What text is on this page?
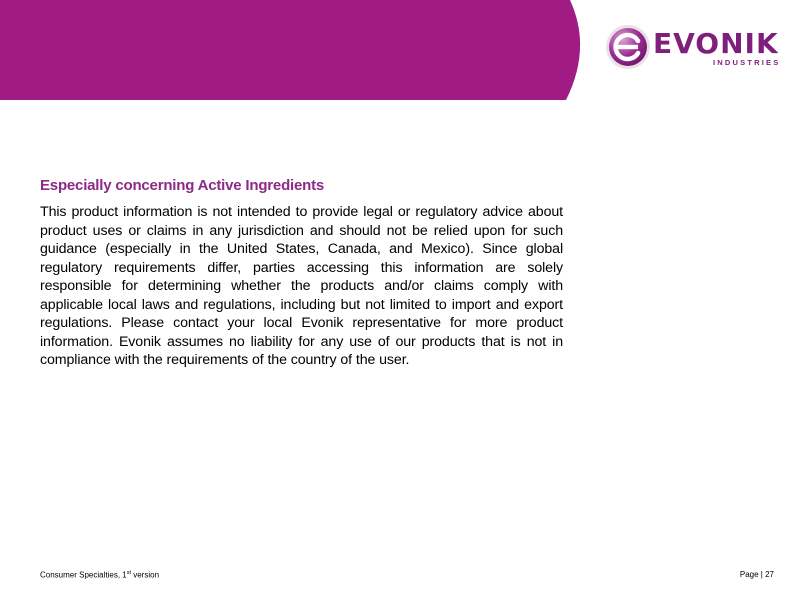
EVONIK
INDUSTRIES
Especially concerning Active Ingredients

This product information is not intended to provide legal or regulatory advice about product uses or claims in any jurisdiction and should not be relied upon for such guidance (especially in the United States, Canada, and Mexico). Since global regulatory requirements differ, parties accessing this information are solely responsible for determining whether the products and/or claims comply with applicable local laws and regulations, including but not limited to import and export regulations. Please contact your local Evonik representative for more product information. Evonik assumes no liability for any use of our products that is not in compliance with the requirements of the country of the user.

Consumer Specialties, 1st version	Page | 27
